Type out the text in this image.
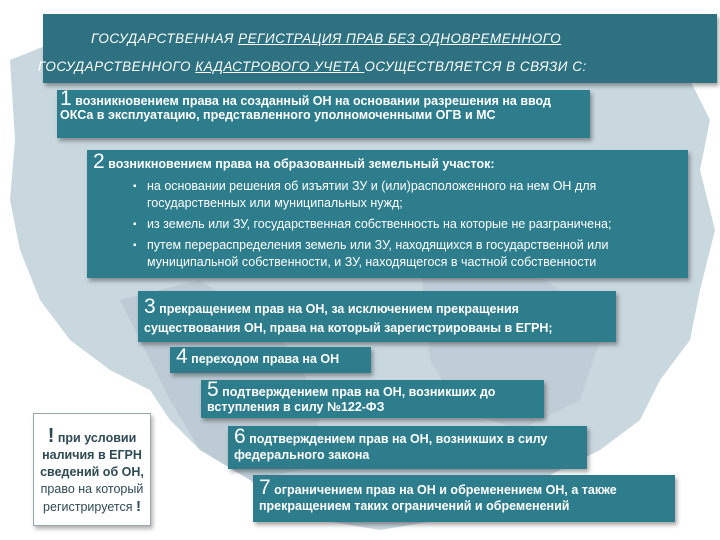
ГОСУДАРСТВЕННАЯ РЕГИСТРАЦИЯ ПРАВ БЕЗ ОДНОВРЕМЕННОГО
ГОСУДАРСТВЕННОГО КАДАСТРОВОГО УЧЕТА ОСУЩЕСТВЛЯЕТСЯ В СВЯЗИ С:
1 возникновением права на созданный ОН на основании разрешения на ввод ОКСа в эксплуатацию, представленного уполномоченными ОГВ и МС
2 возникновением права на образованный земельный участок:
▪ на основании решения об изъятии ЗУ и (или)расположенного на нем ОН для государственных или муниципальных нужд;
▪ из земель или ЗУ, государственная собственность на которые не разграничена;
▪ путем перераспределения земель или ЗУ, находящихся в государственной или муниципальной собственности, и ЗУ, находящегося в частной собственности
3 прекращением прав на ОН, за исключением прекращения существования ОН, права на который зарегистрированы в ЕГРН;
4 переходом права на ОН
5 подтверждением прав на ОН, возникших до вступления в силу №122-ФЗ
6 подтверждением прав на ОН, возникших в силу федерального закона
7 ограничением прав на ОН и обременением ОН, а также прекращением таких ограничений и обременений
! при условии наличия в ЕГРН сведений об ОН, право на который регистрируется !
